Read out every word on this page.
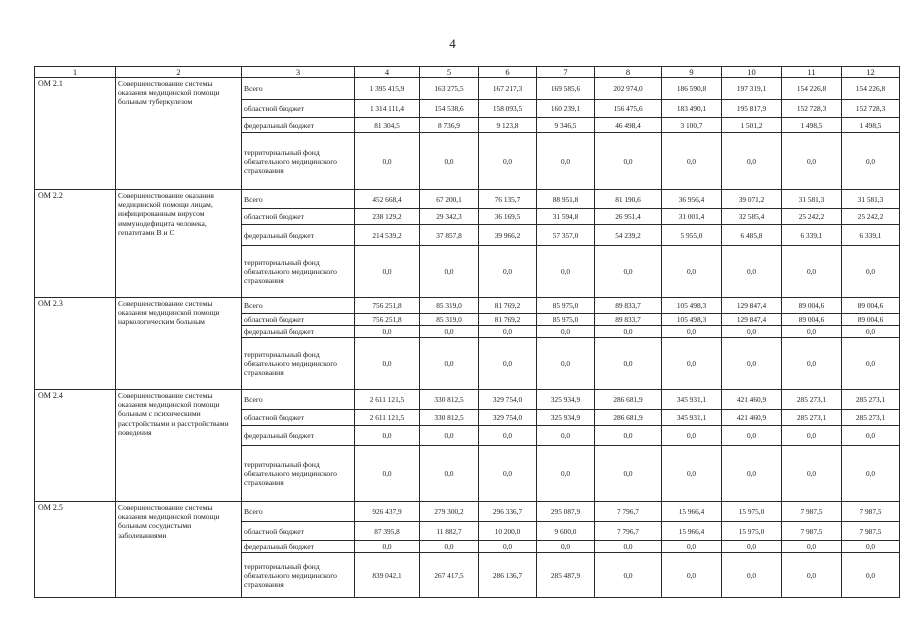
4
1	2	3	4	5	6	7	8	9	10	11	12
ОМ 2.1	Совершенствование системы оказания медицинской помощи больным туберкулезом	Всего	1 395 415,9	163 275,5	167 217,3	169 585,6	202 974,0	186 590,8	197 319,1	154 226,8	154 226,8
		областной бюджет	1 314 111,4	154 538,6	158 093,5	160 239,1	156 475,6	183 490,1	195 817,9	152 728,3	152 728,3
		федеральный бюджет	81 304,5	8 736,9	9 123,8	9 346,5	46 498,4	3 100,7	1 501,2	1 498,5	1 498,5
		территориальный фонд обязательного медицинского страхования	0,0	0,0	0,0	0,0	0,0	0,0	0,0	0,0	0,0
ОМ 2.2	Совершенствование оказания медицинской помощи лицам, инфицированным вирусом иммунодефицита человека, гепатитами В и С	Всего	452 668,4	67 200,1	76 135,7	88 951,8	81 190,6	36 956,4	39 071,2	31 581,3	31 581,3
		областной бюджет	238 129,2	29 342,3	36 169,5	31 594,8	26 951,4	31 001,4	32 585,4	25 242,2	25 242,2
		федеральный бюджет	214 539,2	37 857,8	39 966,2	57 357,0	54 239,2	5 955,0	6 485,8	6 339,1	6 339,1
		территориальный фонд обязательного медицинского страхования	0,0	0,0	0,0	0,0	0,0	0,0	0,0	0,0	0,0
ОМ 2.3	Совершенствование системы оказания медицинской помощи наркологическим больным	Всего	756 251,8	85 319,0	81 769,2	85 975,0	89 833,7	105 498,3	129 847,4	89 004,6	89 004,6
		областной бюджет	756 251,8	85 319,0	81 769,2	85 975,0	89 833,7	105 498,3	129 847,4	89 004,6	89 004,6
		федеральный бюджет	0,0	0,0	0,0	0,0	0,0	0,0	0,0	0,0	0,0
		территориальный фонд обязательного медицинского страхования	0,0	0,0	0,0	0,0	0,0	0,0	0,0	0,0	0,0
ОМ 2.4	Совершенствование системы оказания медицинской помощи больным с психическими расстройствами и расстройствами поведения	Всего	2 611 121,5	330 812,5	329 754,0	325 934,9	286 681,9	345 931,1	421 460,9	285 273,1	285 273,1
		областной бюджет	2 611 121,5	330 812,5	329 754,0	325 934,9	286 681,9	345 931,1	421 460,9	285 273,1	285 273,1
		федеральный бюджет	0,0	0,0	0,0	0,0	0,0	0,0	0,0	0,0	0,0
		территориальный фонд обязательного медицинского страхования	0,0	0,0	0,0	0,0	0,0	0,0	0,0	0,0	0,0
ОМ 2.5	Совершенствование системы оказания медицинской помощи больным сосудистыми заболеваниями	Всего	926 437,9	279 300,2	296 336,7	295 087,9	7 796,7	15 966,4	15 975,0	7 987,5	7 987,5
		областной бюджет	87 395,8	11 882,7	10 200,0	9 600,0	7 796,7	15 966,4	15 975,0	7 987,5	7 987,5
		федеральный бюджет	0,0	0,0	0,0	0,0	0,0	0,0	0,0	0,0	0,0
		территориальный фонд обязательного медицинского страхования	839 042,1	267 417,5	286 136,7	285 487,9	0,0	0,0	0,0	0,0	0,0
